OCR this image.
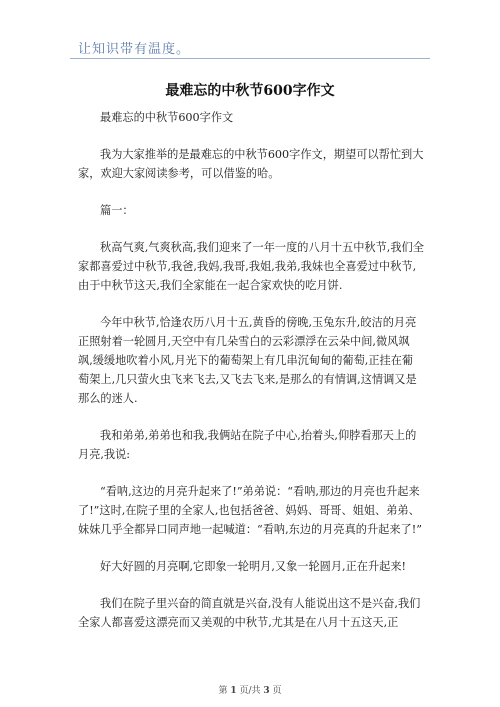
让知识带有温度。
最难忘的中秋节600字作文

最难忘的中秋节600字作文

我为大家推举的是最难忘的中秋节600字作文，期望可以帮忙到大家，欢迎大家阅读参考，可以借鉴的哈。

篇一：

秋高气爽,气爽秋高,我们迎来了一年一度的八月十五中秋节,我们全家都喜爱过中秋节,我爸,我妈,我哥,我姐,我弟,我妹也全喜爱过中秋节,由于中秋节这天,我们全家能在一起合家欢快的吃月饼.

今年中秋节,恰逢农历八月十五,黄昏的傍晚,玉兔东升,皎洁的月亮正照射着一轮圆月,天空中有几朵雪白的云彩漂浮在云朵中间,微风飒飒,缓缓地吹着小风,月光下的葡萄架上有几串沉甸甸的葡萄,正挂在葡萄架上,几只萤火虫飞来飞去,又飞去飞来,是那么的有情调,这情调又是那么的迷人.

我和弟弟,弟弟也和我,我俩站在院子中心,抬着头,仰脖看那天上的月亮,我说:

“看呐,这边的月亮升起来了!”弟弟说：“看呐,那边的月亮也升起来了!”这时,在院子里的全家人,也包括爸爸、妈妈、哥哥、姐姐、弟弟、妹妹几乎全都异口同声地一起喊道：“看呐,东边的月亮真的升起来了!”

好大好圆的月亮啊,它即象一轮明月,又象一轮圆月,正在升起来!

我们在院子里兴奋的简直就是兴奋,没有人能说出这不是兴奋,我们全家人都喜爱这漂亮而又美观的中秋节,尤其是在八月十五这天,正

第 1 页/共 3 页
